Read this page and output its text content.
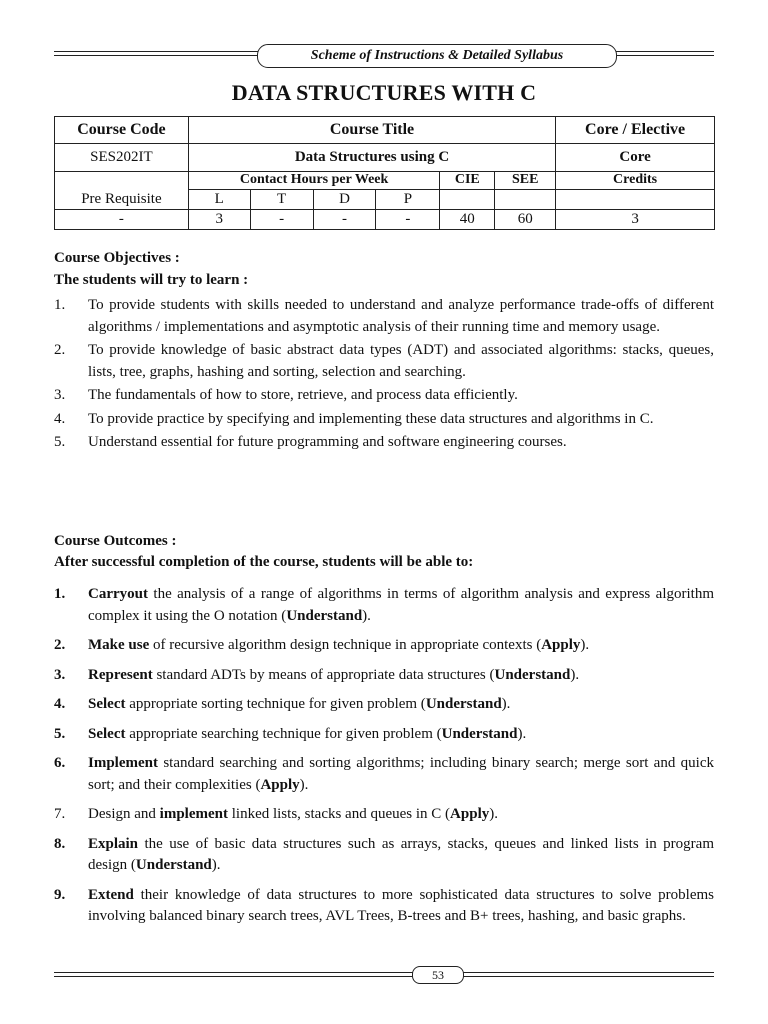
Scheme of Instructions & Detailed Syllabus
DATA STRUCTURES WITH C
Course Code	Course Title						Core / Elective
SES202IT	Data Structures using C						Core
	Contact Hours per Week				CIE	SEE	Credits
Pre Requisite	L	T	D	P			
-	3	-	-	-	40	60	3
Course Objectives :
The students will try to learn :
1. To provide students with skills needed to understand and analyze performance trade-offs of different algorithms / implementations and asymptotic analysis of their running time and memory usage.
2. To provide knowledge of basic abstract data types (ADT) and associated algorithms: stacks, queues, lists, tree, graphs, hashing and sorting, selection and searching.
3. The fundamentals of how to store, retrieve, and process data efficiently.
4. To provide practice by specifying and implementing these data structures and algorithms in C.
5. Understand essential for future programming and software engineering courses.
Course Outcomes :
After successful completion of the course, students will be able to:
1. Carryout the analysis of a range of algorithms in terms of algorithm analysis and express algorithm complex it using the O notation (Understand).
2. Make use of recursive algorithm design technique in appropriate contexts (Apply).
3. Represent standard ADTs by means of appropriate data structures (Understand).
4. Select appropriate sorting technique for given problem (Understand).
5. Select appropriate searching technique for given problem (Understand).
6. Implement standard searching and sorting algorithms; including binary search; merge sort and quick sort; and their complexities (Apply).
7. Design and implement linked lists, stacks and queues in C (Apply).
8. Explain the use of basic data structures such as arrays, stacks, queues and linked lists in program design (Understand).
9. Extend their knowledge of data structures to more sophisticated data structures to solve problems involving balanced binary search trees, AVL Trees, B-trees and B+ trees, hashing, and basic graphs.
53
